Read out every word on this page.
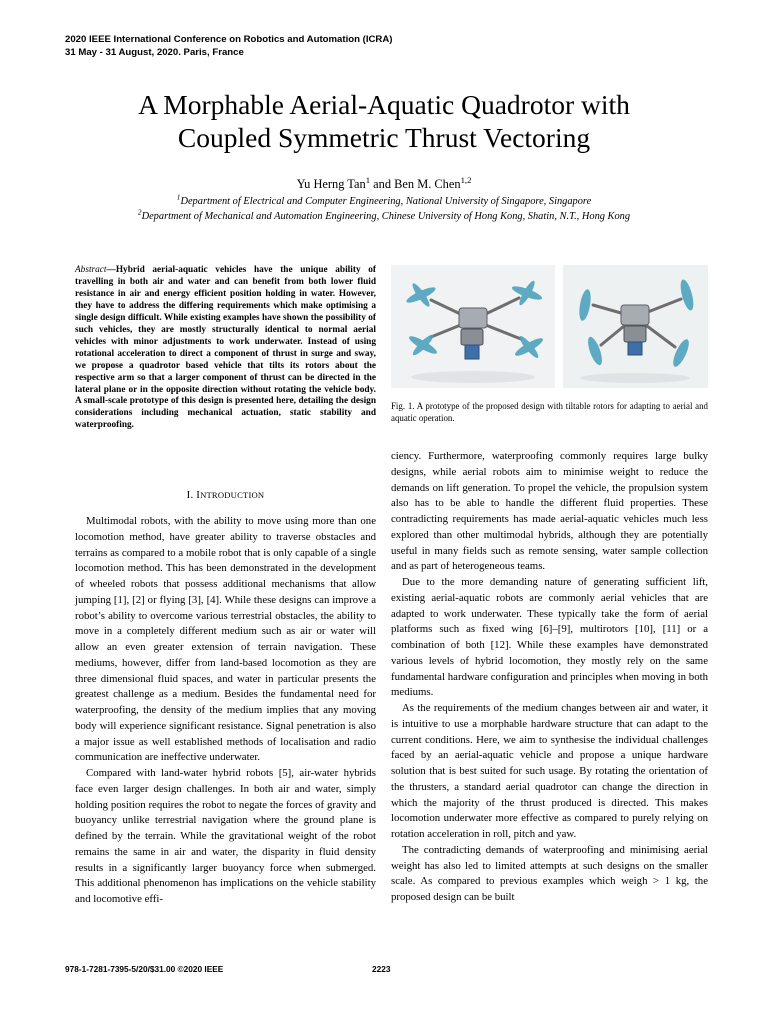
2020 IEEE International Conference on Robotics and Automation (ICRA)
31 May - 31 August, 2020. Paris, France
A Morphable Aerial-Aquatic Quadrotor with
Coupled Symmetric Thrust Vectoring
Yu Herng Tan$^1$ and Ben M. Chen$^{1,2}$
$^1$Department of Electrical and Computer Engineering, National University of Singapore, Singapore
$^2$Department of Mechanical and Automation Engineering, Chinese University of Hong Kong, Shatin, N.T., Hong Kong

Abstract—Hybrid aerial-aquatic vehicles have the unique ability of travelling in both air and water and can benefit from both lower fluid resistance in air and energy efficient position holding in water. However, they have to address the differing requirements which make optimising a single design difficult. While existing examples have shown the possibility of such vehicles, they are mostly structurally identical to normal aerial vehicles with minor adjustments to work underwater. Instead of using rotational acceleration to direct a component of thrust in surge and sway, we propose a quadrotor based vehicle that tilts its rotors about the respective arm so that a larger component of thrust can be directed in the lateral plane or in the opposite direction without rotating the vehicle body. A small-scale prototype of this design is presented here, detailing the design considerations including mechanical actuation, static stability and waterproofing.

I. INTRODUCTION

Multimodal robots, with the ability to move using more than one locomotion method, have greater ability to traverse obstacles and terrains as compared to a mobile robot that is only capable of a single locomotion method. This has been demonstrated in the development of wheeled robots that possess additional mechanisms that allow jumping [1], [2] or flying [3], [4]. While these designs can improve a robot’s ability to overcome various terrestrial obstacles, the ability to move in a completely different medium such as air or water will allow an even greater extension of terrain navigation. These mediums, however, differ from land-based locomotion as they are three dimensional fluid spaces, and water in particular presents the greatest challenge as a medium. Besides the fundamental need for waterproofing, the density of the medium implies that any moving body will experience significant resistance. Signal penetration is also a major issue as well established methods of localisation and radio communication are ineffective underwater.

Compared with land-water hybrid robots [5], air-water hybrids face even larger design challenges. In both air and water, simply holding position requires the robot to negate the forces of gravity and buoyancy unlike terrestrial navigation where the ground plane is defined by the terrain. While the gravitational weight of the robot remains the same in air and water, the disparity in fluid density results in a significantly larger buoyancy force when submerged. This additional phenomenon has implications on the vehicle stability and locomotive effi-

Fig. 1. A prototype of the proposed design with tiltable rotors for adapting to aerial and aquatic operation.

ciency. Furthermore, waterproofing commonly requires large bulky designs, while aerial robots aim to minimise weight to reduce the demands on lift generation. To propel the vehicle, the propulsion system also has to be able to handle the different fluid properties. These contradicting requirements has made aerial-aquatic vehicles much less explored than other multimodal hybrids, although they are potentially useful in many fields such as remote sensing, water sample collection and as part of heterogeneous teams.

Due to the more demanding nature of generating sufficient lift, existing aerial-aquatic robots are commonly aerial vehicles that are adapted to work underwater. These typically take the form of aerial platforms such as fixed wing [6]–[9], multirotors [10], [11] or a combination of both [12]. While these examples have demonstrated various levels of hybrid locomotion, they mostly rely on the same fundamental hardware configuration and principles when moving in both mediums.

As the requirements of the medium changes between air and water, it is intuitive to use a morphable hardware structure that can adapt to the current conditions. Here, we aim to synthesise the individual challenges faced by an aerial-aquatic vehicle and propose a unique hardware solution that is best suited for such usage. By rotating the orientation of the thrusters, a standard aerial quadrotor can change the direction in which the majority of the thrust produced is directed. This makes locomotion underwater more effective as compared to purely relying on rotation acceleration in roll, pitch and yaw.

The contradicting demands of waterproofing and minimising aerial weight has also led to limited attempts at such designs on the smaller scale. As compared to previous examples which weigh > 1 kg, the proposed design can be built

978-1-7281-7395-5/20/$31.00 ©2020 IEEE	2223
